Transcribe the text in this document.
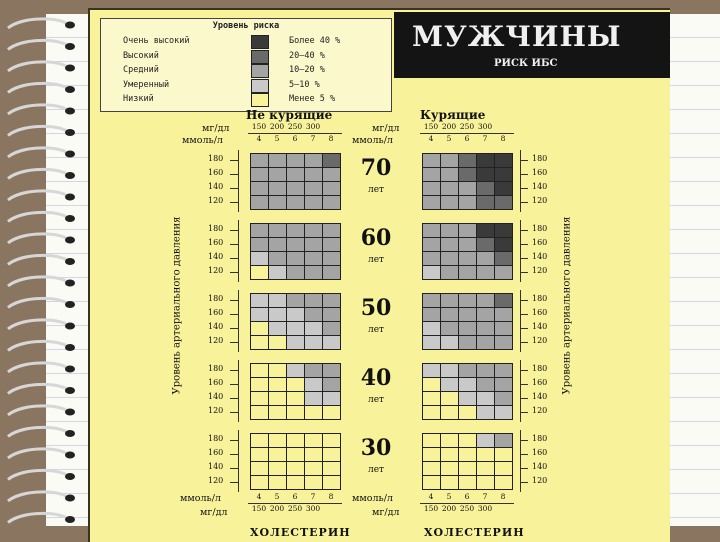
Уровень риска
Очень высокий	Более 40 %
Высокий	20–40 %
Средний	10–20 %
Умеренный	5–10 %
Низкий	Менее 5 %
МУЖЧИНЫ
РИСК ИБС
Не курящие	Курящие
150 200 250 300
4	5	6	7	8
150 200 250 300
4	5	6	7	8
мг/дл
ммоль/л
мг/дл
ммоль/л
4	5	6	7	8
150 200 250 300
4	5	6	7	8
150 200 250 300
ммоль/л
мг/дл
ммоль/л
мг/дл
ХОЛЕСТЕРИН	ХОЛЕСТЕРИН
180	180
160	160
140	140
120	120
70
лет
180	180
160	160
140	140
120	120
60
лет
180	180
160	160
140	140
120	120
50
лет
180	180
160	160
140	140
120	120
40
лет
180	180
160	160
140	140
120	120
30
лет
Уровень артериального давления	Уровень артериального давления
